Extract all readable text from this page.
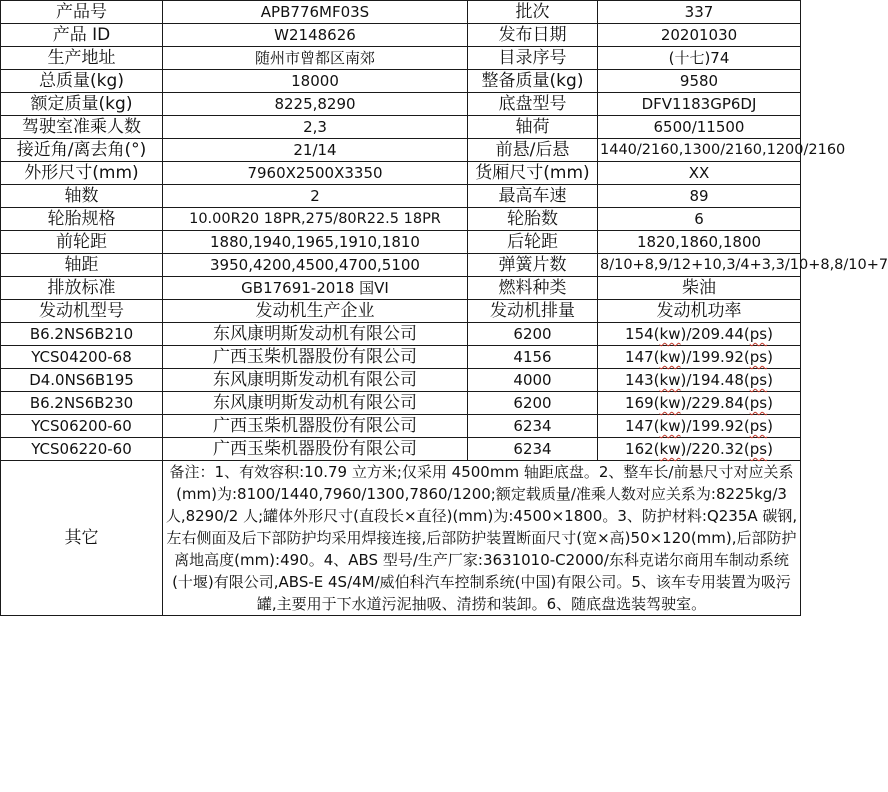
产品号	APB776MF03S	批次	337
产品 ID	W2148626	发布日期	20201030
生产地址	随州市曾都区南郊	目录序号	(十七)74
总质量(kg)	18000	整备质量(kg)	9580
额定质量(kg)	8225,8290	底盘型号	DFV1183GP6DJ
驾驶室准乘人数	2,3	轴荷	6500/11500
接近角/离去角(°)	21/14	前悬/后悬	1440/2160,1300/2160,1200/2160
外形尺寸(mm)	7960X2500X3350	货厢尺寸(mm)	XX
轴数	2	最高车速	89
轮胎规格	10.00R20 18PR,275/80R22.5 18PR	轮胎数	6
前轮距	1880,1940,1965,1910,1810	后轮距	1820,1860,1800
轴距	3950,4200,4500,4700,5100	弹簧片数	8/10+8,9/12+10,3/4+3,3/10+8,8/10+7
排放标准	GB17691-2018 国VI	燃料种类	柴油
发动机型号	发动机生产企业	发动机排量	发动机功率
B6.2NS6B210	东风康明斯发动机有限公司	6200	154(kw)/209.44(ps)
YCS04200-68	广西玉柴机器股份有限公司	4156	147(kw)/199.92(ps)
D4.0NS6B195	东风康明斯发动机有限公司	4000	143(kw)/194.48(ps)
B6.2NS6B230	东风康明斯发动机有限公司	6200	169(kw)/229.84(ps)
YCS06200-60	广西玉柴机器股份有限公司	6234	147(kw)/199.92(ps)
YCS06220-60	广西玉柴机器股份有限公司	6234	162(kw)/220.32(ps)
其它	备注：1、有效容积:10.79 立方米;仅采用 4500mm 轴距底盘。2、整车长/前悬尺寸对应关系(mm)为:8100/1440,7960/1300,7860/1200;额定载质量/准乘人数对应关系为:8225kg/3 人,8290/2 人;罐体外形尺寸(直段长×直径)(mm)为:4500×1800。3、防护材料:Q235A 碳钢,左右侧面及后下部防护均采用焊接连接,后部防护装置断面尺寸(宽×高)50×120(mm),后部防护离地高度(mm):490。4、ABS 型号/生产厂家:3631010-C2000/东科克诺尔商用车制动系统(十堰)有限公司,ABS-E 4S/4M/威伯科汽车控制系统(中国)有限公司。5、该车专用装置为吸污罐,主要用于下水道污泥抽吸、清捞和装卸。6、随底盘选装驾驶室。		
